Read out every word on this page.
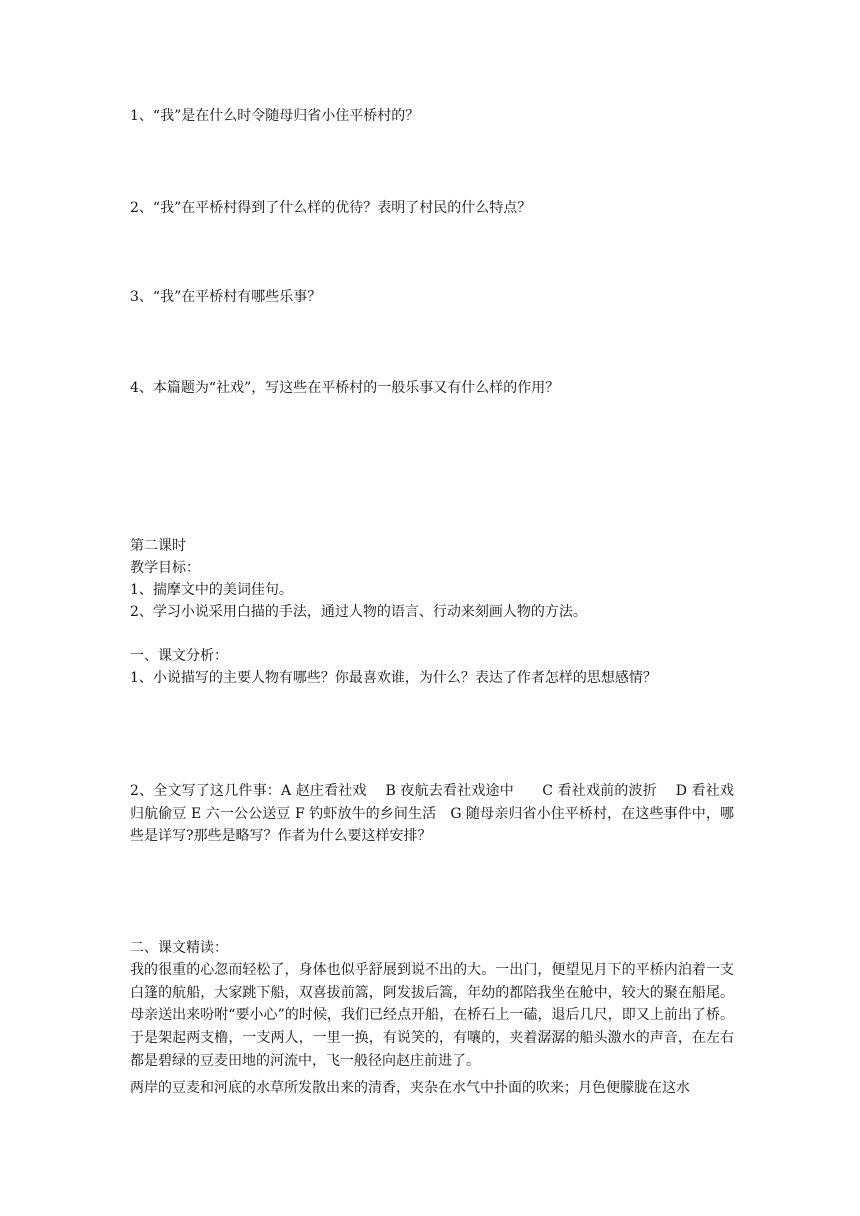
1、“我”是在什么时令随母归省小住平桥村的？
2、“我”在平桥村得到了什么样的优待？表明了村民的什么特点？
3、“我”在平桥村有哪些乐事？
4、本篇题为“社戏”，写这些在平桥村的一般乐事又有什么样的作用？
第二课时
教学目标：
1、揣摩文中的美词佳句。
2、学习小说采用白描的手法，通过人物的语言、行动来刻画人物的方法。
一、课文分析：
1、小说描写的主要人物有哪些？你最喜欢谁，为什么？表达了作者怎样的思想感情？
2、全文写了这几件事：A 赵庄看社戏　 B 夜航去看社戏途中　　C 看社戏前的波折　 D 看社戏归航偷豆 E 六一公公送豆 F 钓虾放牛的乡间生活　G 随母亲归省小住平桥村，在这些事件中，哪些是详写?那些是略写？作者为什么要这样安排？
二、课文精读：
我的很重的心忽而轻松了，身体也似乎舒展到说不出的大。一出门，便望见月下的平桥内泊着一支白篷的航船，大家跳下船，双喜拔前篙，阿发拔后篙，年幼的都陪我坐在舱中，较大的聚在船尾。母亲送出来吩咐“要小心”的时候，我们已经点开船，在桥石上一磕，退后几尺，即又上前出了桥。于是架起两支橹，一支两人，一里一换，有说笑的，有嚷的，夹着潺潺的船头激水的声音，在左右都是碧绿的豆麦田地的河流中，飞一般径向赵庄前进了。
两岸的豆麦和河底的水草所发散出来的清香，夹杂在水气中扑面的吹来；月色便朦胧在这水
